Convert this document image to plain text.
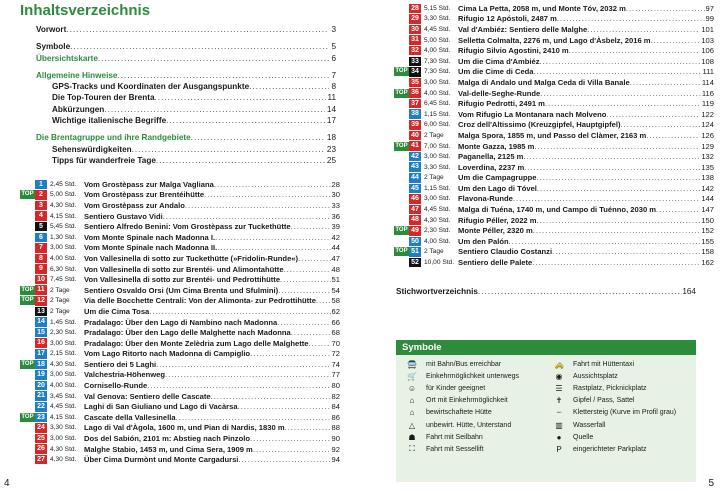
Inhaltsverzeichnis
Vorwort .....	3
Symbole .....	5
Übersichtskarte .....	6
Allgemeine Hinweise .....	7
GPS-Tracks und Koordinaten der Ausgangspunkte .....	8
Die Top-Touren der Brenta .....	11
Abkürzungen .....	14
Wichtige italienische Begriffe .....	17
Die Brentagruppe und ihre Randgebiete .....	18
Sehenswürdigkeiten .....	23
Tipps für wanderfreie Tage .....	25
1	2,45 Std. Vom Grostèpass zur Malga Vagliana .....	28
TOP 2	5,00 Std. Vom Grostèpass zur Brentéihütte .....	30
3	4,30 Std. Vom Grostèpass zur Andalo .....	33
4	4,15 Std. Sentiero Gustavo Vidi .....	36
5	5,45 Std. Sentiero Alfredo Benini: Vom Grostèpass zur Tuckethütte .....	39
6	1,30 Std. Vom Monte Spinale nach Madonna I. .....	42
7	3,00 Std. Vom Monte Spinale nach Madonna II. .....	44
8	4,00 Std. Von Vallesinella di sotto zur Tuckethütte (»Fridolin-Runde«) .....	47
9	6,30 Std. Von Vallesinella di sotto zur Brentéi- und Alimontahütte .....	48
10 7,45 Std. Von Vallesinella di sotto zur Brentéi- und Pedrottihütte .....	51
TOP 11 2 Tage	Sentiero Osvaldo Orsi (Um Cima Brenta und Sfulmini) .....	54
TOP 12 2 Tage	Via delle Bocchette Centrali: Von der Alimonta- zur Pedrottihütte ..... 58
13 2 Tage	Um die Cima Tosa .....	62
14 1,45 Std. Pradalago: Über den Lago di Nambino nach Madonna .....	66
15 2,30 Std. Pradalago: Über den Lago delle Malghette nach Madonna .....	68
16 3,00 Std. Pradalago: Über den Monte Zelèdria zum Lago delle Malghette .....	70
17 2,15 Std. Vom Lago Ritorto nach Madonna di Campiglio .....	72
TOP 18 4,30 Std. Sentiero dei 5 Laghi .....	74
19 3,00 Std. Valchestria-Höhenweg .....	77
20 4,00 Std. Cornisello-Runde .....	80
21 3,45 Std. Val Genova: Sentiero delle Cascate .....	82
22 4,45 Std. Laghi di San Giuliano und Lago di Vacàrsa .....	84
TOP 23 4,15 Std. Cascate della Vallesinella .....	86
24 3,30 Std. Lago di Val d'Àgola, 1600 m, und Pian di Nardis, 1830 m .....	88
25 3,00 Std. Dos del Sabión, 2101 m: Abstieg nach Pinzolo .....	90
26 4,30 Std. Malghe Stabio, 1453 m, und Cima Sera, 1909 m .....	92
27 4,30 Std. Über Cima Durmònt und Monte Cargadursi .....	94
4
28 5,15 Std. Cima La Petta, 2058 m, und Monte Tóv, 2032 m .....	97
29 3,30 Std. Rifugio 12 Apóstoli, 2487 m .....	99
30 4,45 Std. Val d'Ambiéz: Sentiero delle Malghe .....	101
31 5,00 Std. Selletta Colmalta, 2276 m, und Lago d'Àsbelz, 2016 m .....	103
32 4,00 Std. Rifugio Silvio Agostini, 2410 m .....	106
33 7,30 Std. Um die Cima d'Ambiéz .....	108
TOP 34 7,30 Std. Um die Cime di Ceda .....	111
35 3,00 Std. Malga di Andalo und Malga Ceda di Villa Banale .....	114
TOP 36 4,00 Std. Val-delle-Seghe-Runde .....	116
37 6,45 Std. Rifugio Pedrotti, 2491 m .....	119
38 1,15 Std. Vom Rifugio La Montanara nach Molveno .....	122
39 6,00 Std. Croz dell'Altissimo (Kreuzgipfel, Hauptgipfel) .....	124
40 2 Tage	Malga Spora, 1855 m, und Passo del Clàmer, 2163 m .....	126
TOP 41 7,00 Std. Monte Gazza, 1985 m .....	129
42 3,00 Std. Paganella, 2125 m .....	132
43 3,30 Std. Loverdina, 2237 m .....	135
44 2 Tage	Um die Campagruppe .....	138
45 1,15 Std. Um den Lago di Tóvel .....	142
46 3,00 Std. Flavona-Runde .....	144
47 4,45 Std. Malga di Tuéna, 1740 m, und Campo di Tuénno, 2030 m .....	147
48 4,30 Std. Rifugio Péller, 2022 m .....	150
TOP 49 2,30 Std. Monte Péller, 2320 m .....	152
50 4,00 Std. Um den Palón .....	155
TOP 51 2 Tage	Sentiero Claudio Costanzi .....	158
52 10,00 Std. Sentiero delle Palete .....	162
Stichwortverzeichnis .....	164
Symbole
🚍	mit Bahn/Bus erreichbar	🚕	Fahrt mit Hüttentaxi
🛒	Einkehrmöglichkeit unterwegs	◉	Aussichtsplatz
☺	für Kinder geeignet	☰	Rastplatz, Picknickplatz
⌂	Ort mit Einkehrmöglichkeit	✝	Gipfel / Pass, Sattel
⌂	bewirtschaftete Hütte	┈	Klettersteig (Kurve im Profil grau)
△	unbewirt. Hütte, Unterstand	▥	Wasserfall
☗	Fahrt mit Seilbahn	●	Quelle
⛶	Fahrt mit Sessellift	P	eingerichteter Parkplatz
5
